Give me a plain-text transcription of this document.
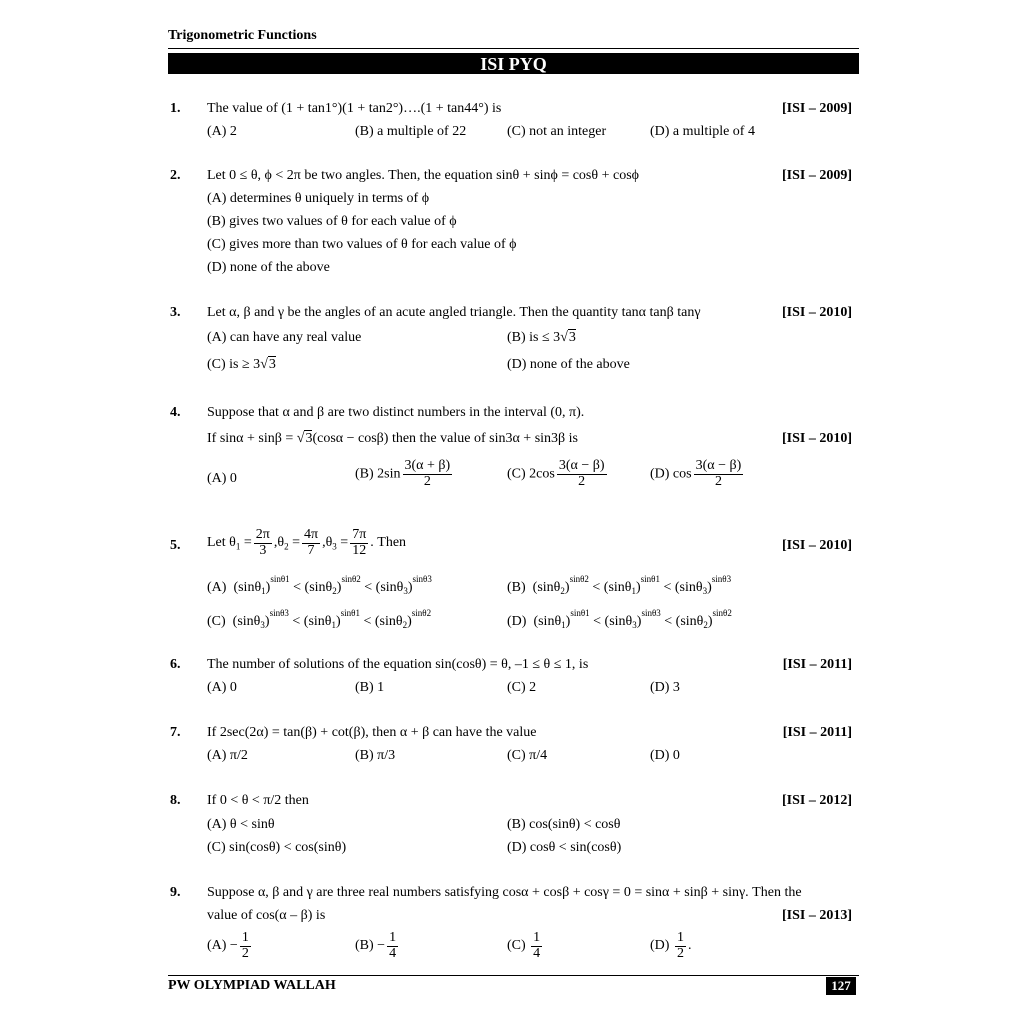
Trigonometric Functions
ISI PYQ
1. The value of (1 + tan1°)(1 + tan2°)….(1 + tan44°) is	[ISI – 2009]
(A) 2	(B) a multiple of 22	(C) not an integer	(D) a multiple of 4
2. Let 0 ≤ θ, ϕ < 2π be two angles. Then, the equation sinθ + sinϕ = cosθ + cosϕ	[ISI – 2009]
(A) determines θ uniquely in terms of ϕ
(B) gives two values of θ for each value of ϕ
(C) gives more than two values of θ for each value of ϕ
(D) none of the above
3. Let α, β and γ be the angles of an acute angled triangle. Then the quantity tanα tanβ tanγ	[ISI – 2010]
(A) can have any real value	(B) is ≤ 3√3
(C) is ≥ 3√3	(D) none of the above
4. Suppose that α and β are two distinct numbers in the interval (0, π).
If sinα + sinβ = √3(cosα − cosβ) then the value of sin3α + sin3β is	[ISI – 2010]
(A) 0	(B) $2\sin \frac{3(\alpha + \beta)}{2}$	(C) $2\cos \frac{3(\alpha - \beta)}{2}$	(D) $\cos \frac{3(\alpha - \beta)}{2}$
5. Let $\theta_1 = \frac{2\pi}{3} ,\theta_2 = \frac{4\pi}{7} ,\theta_3 = \frac{7\pi}{12}$ . Then	[ISI – 2010]
(A)  $(\sin\theta_1)^{sin\theta 1} < (\sin\theta_2)^{sin\theta 2} < (\sin\theta_3)^{sin\theta 3}$
(B)  $(\sin\theta_2)^{sin\theta 2} < (\sin\theta_1)^{sin\theta 1} < (\sin\theta_3)^{sin\theta 3}$
(C)  $(\sin\theta_3)^{sin\theta 3} < (\sin\theta_1)^{sin\theta 1} < (\sin\theta_2)^{sin\theta 2}$
(D)  $(\sin\theta_1)^{sin\theta 1} < (\sin\theta_3)^{sin\theta 3} < (\sin\theta_2)^{sin\theta 2}$
6. The number of solutions of the equation sin(cosθ) = θ, –1 ≤ θ ≤ 1, is	[ISI – 2011]
(A) 0	(B) 1	(C) 2	(D) 3
7. If 2sec(2α) = tan(β) + cot(β), then α + β can have the value	[ISI – 2011]
(A) π/2	(B) π/3	(C) π/4	(D) 0
8. If 0 < θ < π/2 then	[ISI – 2012]
(A) θ < sinθ	(B) cos(sinθ) < cosθ
(C) sin(cosθ) < cos(sinθ)	(D) cosθ < sin(cosθ)
9. Suppose α, β and γ are three real numbers satisfying cosα + cosβ + cosγ = 0 = sinα + sinβ + sinγ. Then the
value of cos(α – β) is	[ISI – 2013]
$(A) - \frac{1}{2}$	$(B) - \frac{1}{4}$	$(C) \frac{1}{4}$	$(D) \frac{1}{2}$ .
PW OLYMPIAD WALLAH	127
